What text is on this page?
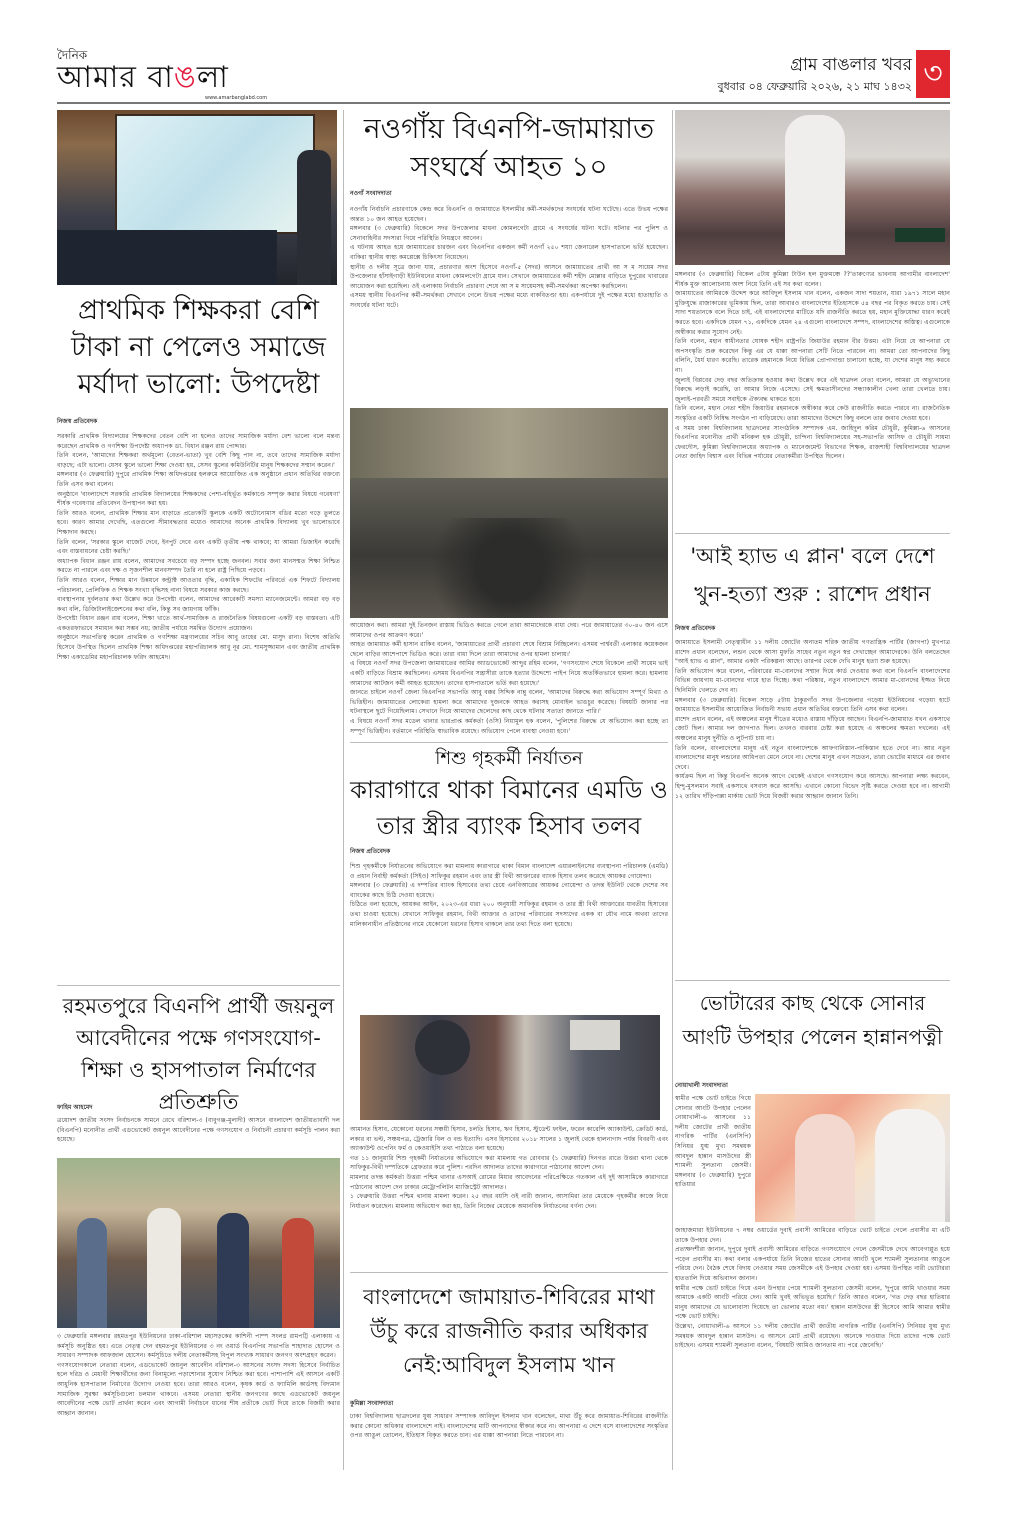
দৈনিক
আমার বাঙলা
www.amarbanglabd.com
গ্রাম বাঙলার খবর
বুধবার ০৪ ফেব্রুয়ারি ২০২৬, ২১ মাঘ ১৪৩২ ৩
প্রাথমিক শিক্ষকরা বেশি টাকা না পেলেও সমাজে মর্যাদা ভালো: উপদেষ্টা
নিজস্ব প্রতিবেদক

সরকারি প্রাথমিক বিদ্যালয়ের শিক্ষকদের বেতন বেশি না হলেও তাদের সামাজিক মর্যাদা বেশ ভালো বলে মন্তব্য করেছেন প্রাথমিক ও গণশিক্ষা উপদেষ্টা অধ্যাপক ডা. বিধান রঞ্জন রায় পোদ্দার।

তিনি বলেন, 'আমাদের শিক্ষকরা অর্থমূল্যে (বেতন-ভাতা) খুব বেশি কিছু পান না, তবে তাদের সামাজিক মর্যাদা বাড়ছে; এটা ভালো। যেসব স্কুলে ভালো শিক্ষা দেওয়া হয়, সেসব স্কুলের কমিউনিটির মানুষ শিক্ষকদের সম্মান করেন।'

মঙ্গলবার (৩ ফেব্রুয়ারি) দুপুরে প্রাথমিক শিক্ষা অধিদপ্তরের হলরুমে আয়োজিত এক অনুষ্ঠানে প্রধান অতিথির বক্তব্যে তিনি এসব কথা বলেন।

অনুষ্ঠানে 'বাংলাদেশে সরকারি প্রাথমিক বিদ্যালয়ের শিক্ষকদের পেশা-বহির্ভূত কর্মকাণ্ডে সম্পৃক্ত করার বিষয়ে গবেষণা' শীর্ষক গবেষণার প্রতিবেদন উপস্থাপন করা হয়।

তিনি আরও বলেন, প্রাথমিক শিক্ষার মান বাড়াতে প্রত্যেকটি স্কুলকে একটি অটোনোমাস বডির মতো গড়ে তুলতে হবে। কারণ আমার দেখেছি, এতগুলো সীমাবদ্ধতার মধ্যেও আমাদের অনেক প্রাথমিক বিদ্যালয় খুব ভালোভাবে শিক্ষাদান করছে।

তিনি বলেন, 'সরকার স্কুলে বাজেট দেবে, ইনপুট দেবে এবং একটি তৃতীয় পক্ষ থাকবে; যা আমরা ডিজাইন করেছি এবং বাস্তবায়নের চেষ্টা করছি।'

অধ্যাপক বিধান রঞ্জন রায় বলেন, আমাদের সবচেয়ে বড় সম্পদ হচ্ছে জনবল। সবার জন্য মানসম্মত শিক্ষা নিশ্চিত করতে না পারলে এবং দক্ষ ও সৃজনশীল মানবসম্পদ তৈরি না হলে রাষ্ট্র পিছিয়ে পড়বে।

তিনি আরও বলেন, শিক্ষার মান উন্নয়নে কন্ট্রাক্ট আওতার বৃদ্ধি, একাধিক শিফটের পরিবর্তে এক শিফটে বিদ্যালয় পরিচালনা, প্রেলিফিক ও শিক্ষক সংখ্যা বৃদ্ধিসহ নানা বিষয়ে সরকার কাজ করছে।

ব্যবস্থাপনার দুর্বলতার কথা উল্লেখ করে উপদেষ্টা বলেন, আমাদের আরেকটি সমস্যা ম্যানেজমেন্টে। আমরা বড় বড় কথা বলি, ডিজিটালাইজেশনের কথা বলি, কিন্তু সব জায়গায় ফাঁকি।

উপদেষ্টা বিধান রঞ্জন রায় বলেন, শিক্ষা খাতে আর্থ-সামাজিক ও রাজনৈতিক বিষয়গুলো একটি বড় বাস্তবতা। এটি একতরফাভাবে সমাধান করা সম্ভব নয়; জাতীয় পর্যায়ে সমন্বিত উদ্যোগ প্রয়োজন।

অনুষ্ঠানে সভাপতিত্ব করেন প্রাথমিক ও গণশিক্ষা মন্ত্রণালয়ের সচিব আবু তাহের মো. মাসুদ রানা। বিশেষ অতিথি হিসেবে উপস্থিত ছিলেন প্রাথমিক শিক্ষা অধিদপ্তরের মহাপরিচালক আবু নূর মো. শামসুজ্জামান এবং জাতীয় প্রাথমিক শিক্ষা একাডেমির মহাপরিচালক ফরিদ আহমেদ।

রহমতপুরে বিএনপি প্রার্থী জয়নুল আবেদীনের পক্ষে গণসংযোগ-শিক্ষা ও হাসপাতাল নির্মাণের প্রতিশ্রুতি
ফাহিম আহমেদ

ত্রয়োদশ জাতীয় সংসদ নির্বাচনকে সামনে রেখে বরিশাল-৩ (বাবুগঞ্জ-মুলাদী) আসনে বাংলাদেশ জাতীয়তাবাদী দল (বিএনপি) মনোনীত প্রার্থী এডভোকেট জয়নুল আবেদীনের পক্ষে গণসংযোগ ও নির্বাচনী প্রচারণা কর্মসূচি পালন করা হয়েছে।

৩ ফেব্রুয়ারি মঙ্গলবার রহমতপুর ইউনিয়নের ঢাকা-বরিশাল মহাসড়কের কাশিনী পাম্প সংলগ্ন রামপট্টি এলাকায় এ কর্মসূচি অনুষ্ঠিত হয়। এতে নেতৃত্ব দেন রহমতপুর ইউনিয়নের ৩ নং ওয়ার্ড বিএনপির সভাপতি শাহাদাত হোসেন ও সাধারণ সম্পাদক আফজাল হোসেন। কর্মসূচিতে দলীয় নেতাকর্মীসহ বিপুল সংখ্যক সাধারণ জনগণ অংশগ্রহণ করেন।

গণসংযোগকালে নেতারা বলেন, এডভোকেট জয়নুল আবেদীন বরিশাল-৩ আসনের সংসদ সদস্য হিসেবে নির্বাচিত হলে দরিদ্র ও মেধাবী শিক্ষার্থীদের জন্য বিনামূল্যে পড়াশোনার সুযোগ নিশ্চিত করা হবে। পাশাপাশি এই আসনে একটি আধুনিক হাসপাতাল নির্মাণের উদ্যোগ নেওয়া হবে। তারা আরও বলেন, কৃষক কার্ড ও ফ্যামিলি কার্ডসহ বিদ্যমান সামাজিক সুরক্ষা কর্মসূচিগুলো চলমান থাকবে। এসময় নেতারা স্থানীয় জনগণের কাছে এডভোকেট জয়নুল আবেদীনের পক্ষে ভোট প্রার্থনা করেন এবং আগামী নির্বাচনে ধানের শীষ প্রতীকে ভোট দিয়ে তাকে বিজয়ী করার আহ্বান জানান।

নওগাঁয় বিএনপি-জামায়াত সংঘর্ষে আহত ১০
নওগাঁ সংবাদদাতা

নওগাঁয় নির্বাচনি প্রচারণাকে কেন্দ্র করে বিএনপি ও জামায়াতে ইসলামীর কর্মী-সমর্থকদের সংঘর্ষের ঘটনা ঘটেছে। এতে উভয় পক্ষের অন্তত ১০ জন আহত হয়েছেন।

মঙ্গলবার (৩ ফেব্রুয়ারি) বিকেলে সদর উপজেলার মাধনা কোমলগেটা গ্রামে এ সংঘর্ষের ঘটনা ঘটে। ঘটনার পর পুলিশ ও সেনাবাহিনীর সদস্যরা গিয়ে পরিস্থিতি নিয়ন্ত্রণে আনেন।

এ ঘটনায় আহত হয়ে জামায়াতের চারজন এবং বিএনপির একজন কর্মী নওগাঁ ২৫০ শয্যা জেনারেল হাসপাতালে ভর্তি হয়েছেন। বাকিরা স্থানীয় স্বাস্থ্য কমপ্লেক্সে চিকিৎসা নিয়েছেন।

স্থানীয় ও দলীয় সূত্রে জানা যায়, প্রচারণার অংশ হিসেবে নওগাঁ-৫ (সদর) আসনে জামায়াতের প্রার্থী আ স ম সায়েম সদর উপজেলার হাঁসাইগাড়ী ইউনিয়নের মাধনা কোমলগেটা গ্রামে যান। সেখানে জামায়াতের কর্মী শহীদ মোল্লার বাড়িতে দুপুরের খাবারের আয়োজন করা হয়েছিল। ওই এলাকায় নির্বাচনি প্রচারণা শেষে আ স ম সায়েমসহ কর্মী-সমর্থকরা অপেক্ষা করছিলেন।

এসময় স্থানীয় বিএনপির কর্মী-সমর্থকরা সেখানে গেলে উভয় পক্ষের মধ্যে বাকবিতণ্ডা হয়। একপর্যায়ে দুই পক্ষের মধ্যে হাতাহাতি ও সংঘর্ষের ঘটনা ঘটে।

আয়োজন করা। আমরা দুই তিনজন রাস্তায় ভিডিও করতে গেলে তারা আমাদেরকে বাধা দেয়। পরে জামায়াতের ৩০-৪০ জন এসে আমাদের ওপর আক্রমণ করে।'

আহত জামায়াত কর্মী হাসান রাকিব বলেন, 'জামায়াতের প্রার্থী প্রচারণা শেষে বিশ্রাম নিচ্ছিলেন। এসময় পার্শ্ববর্তী এলাকার কয়েকজন ছেলে বাড়ির আশেপাশে ভিডিও করে। তারা বাধা দিলে তারা আমাদের ওপর হামলা চালায়।'

এ বিষয়ে নওগাঁ সদর উপজেলা জামায়াতের আমির অ্যাডভোকেট আব্দুর রহিম বলেন, 'গণসংযোগ শেষে বিকেলে প্রার্থী সায়েম ভাই একটি বাড়িতে বিশ্রাম করছিলেন। এসময় বিএনপির সন্ত্রাসীরা তাকে হত্যার উদ্দেশ্যে পাইপ নিয়ে অতর্কিতভাবে হামলা করে। হামলায় আমাদের আটজন কর্মী আহত হয়েছেন। তাদের হাসপাতালে ভর্তি করা হয়েছে।'

জানতে চাইলে নওগাঁ জেলা বিএনপির সভাপতি আবু বক্কর সিদ্দিক নান্নু বলেন, 'আমাদের বিরুদ্ধে করা অভিযোগ সম্পূর্ণ মিথ্যা ও ভিত্তিহীন। জামায়াতের লোকেরা হামলা করে আমাদের দুজনকে আহত করাসহ মোবাইল ভাঙচুর করেছে। বিষয়টি জানার পর ঘটনাস্থলে ছুটে গিয়েছিলাম। সেখানে গিয়ে আমাদের ছেলেদের কাছ থেকে ঘটনার সত্যতা জানতে পারি।'

এ বিষয়ে নওগাঁ সদর মডেল থানার ভারপ্রাপ্ত কর্মকর্তা (ওসি) নিয়ামুল হক বলেন, 'পুলিশের বিরুদ্ধে যে অভিযোগ করা হচ্ছে তা সম্পূর্ণ ভিত্তিহীন। বর্তমানে পরিস্থিতি স্বাভাবিক রয়েছে। অভিযোগ পেলে ব্যবস্থা নেওয়া হবে।'

শিশু গৃহকর্মী নির্যাতন
কারাগারে থাকা বিমানের এমডি ও তার স্ত্রীর ব্যাংক হিসাব তলব
নিজস্ব প্রতিবেদক

শিশু গৃহকর্মীকে নির্যাতনের অভিযোগে করা মামলায় কারাগারে থাকা বিমান বাংলাদেশ এয়ারলাইনসের ব্যবস্থাপনা পরিচালক (এমডি) ও প্রধান নির্বাহী কর্মকর্তা (সিইও) সাফিকুর রহমান এবং তার স্ত্রী বিথী আক্তারের ব্যাংক হিসাব তলব করেছে আয়কর গোয়েন্দা।

মঙ্গলবার (৩ ফেব্রুয়ারি) এ দম্পতির ব্যাংক হিসাবের তথ্য চেয়ে এনবিআরের আয়কর গোয়েন্দা ও তদন্ত ইউনিট থেকে দেশের সব ব্যাংকের কাছে চিঠি দেওয়া হয়েছে।

চিঠিতে বলা হয়েছে, আয়কর আইন, ২০২৩-এর ধারা ২০০ অনুযায়ী সাফিকুর রহমান ও তার স্ত্রী বিথী আক্তারের যাবতীয় হিসাবের তথ্য চাওয়া হয়েছে। যেখানে সাফিকুর রহমান, বিথী আক্তার ও তাদের পরিবারের সদস্যদের একক বা যৌথ নামে অথবা তাদের মালিকানাধীন প্রতিষ্ঠানের নামে যেকোনো ধরনের হিসাব থাকলে তার তথ্য দিতে বলা হয়েছে।

আমানত হিসাব, যেকোনো ধরনের সঞ্চয়ী হিসাব, চলতি হিসাব, ঋণ হিসাব, স্টুডেন্ট ফাইল, ফরেন কারেন্সি অ্যাকাউন্ট, ক্রেডিট কার্ড, লকার বা ভল্ট, সঞ্চয়পত্র, ট্রেজারি বিল ও বন্ড ইত্যাদি। এসব হিসাবের ২০১৮ সালের ১ জুলাই থেকে হালনাগাদ পর্যন্ত বিবরণী এবং অ্যাকাউন্ট ওপেনিং ফর্ম ও কেওয়াইসি তথ্য পাঠাতে বলা হয়েছে।

গত ১১ জানুয়ারি শিশু গৃহকর্মী নির্যাতনের অভিযোগে করা মামলায় গত রোববার (১ ফেব্রুয়ারি) দিনগত রাতে উত্তরা থানা থেকে সাফিকুর-বিথী দম্পতিকে গ্রেফতার করে পুলিশ। পরদিন আদালত তাদের কারাগারে পাঠানোর আদেশ দেন।

মামলার তদন্ত কর্মকর্তা উত্তরা পশ্চিম থানার এসআই রোমের মিয়ার আবেদনের পরিপ্রেক্ষিতে গতকাল এই দুই আসামিকে কারাগারে পাঠানোর আদেশ দেন ঢাকার মেট্রোপলিটন ম্যাজিস্ট্রেট আদালত।

১ ফেব্রুয়ারি উত্তরা পশ্চিম থানায় মামলা করেন। ২৫ বছর বয়সি ওই নারী জানান, আসামিরা তার মেয়েকে গৃহকর্মীর কাজে নিয়ে নির্যাতন করেছেন। মামলায় অভিযোগ করা হয়, তিনি নিজের মেয়েকে অমানবিক নির্যাতনের বর্ণনা দেন।

বাংলাদেশে জামায়াত-শিবিরের মাথা উঁচু করে রাজনীতি করার অধিকার নেই:আবিদুল ইসলাম খান
কুমিল্লা সংবাদদাতা

ঢাকা বিশ্ববিদ্যালয় ছাত্রদলের যুগ্ম সাধারণ সম্পাদক আবিদুল ইসলাম খান বলেছেন, মাথা উঁচু করে জামায়াত-শিবিরের রাজনীতি করার কোনো অধিকার বাংলাদেশে নাই। বাংলাদেশের মাটি আপনাদের স্বীকার করে না। আপনারা এ দেশে বসে বাংলাদেশের সংস্কৃতির ওপর আঙুল তোলেন, ইতিহাস বিকৃত করতে চান। এর ধাক্কা আপনারা নিতে পারবেন না।

মঙ্গলবার (৩ ফেব্রুয়ারি) বিকেল ৫টায় কুমিল্লা টাউন হল মুক্তমঞ্চে ??'তারুণ্যের ভাবনায় আগামীর বাংলাদেশ' শীর্ষক মুক্ত আলোচনায় অংশ নিয়ে তিনি এই সব কথা বলেন।

জামায়াতের আমিরকে উদ্দেশ করে আবিদুল ইসলাম খান বলেন, একজন সাদা শয়তান, যারা ১৯৭১ সালে মহান মুক্তিযুদ্ধে রাজাকারের ভূমিকায় ছিল, তারা আবারও বাংলাদেশের ইতিহাসকে ৫৪ বছর পর বিকৃত করতে চায়। সেই সাদা শয়তানকে বলে দিতে চাই, এই বাংলাদেশের মাটিতে যদি রাজনীতি করতে হয়, মহান মুক্তিযোদ্ধা ধারণ করেই করতে হবে। একদিকে যেমন ৭১, একদিকে যেমন ২৪ এগুলো বাংলাদেশে সম্পদ, বাংলাদেশের অস্তিত্ব। এগুলোকে অস্বীকার করার সুযোগ নেই।

তিনি বলেন, মহান স্বাধীনতার ঘোষক শহীদ রাষ্ট্রপতি জিয়াউর রহমান বীর উত্তম। এটা নিয়ে যে আপনারা যে অপসংস্কৃতি শুরু করেছেন কিন্তু এর যে ধাক্কা আপনারা সেটি নিতে পারবেন না। আমরা তো আপনাদের কিছু বলিনি, ধৈর্য ধারণ করেছি। তারেক রহমানকে নিয়ে বিভিন্ন প্রোপাগান্ডা চালানো হচ্ছে, যা দেশের মানুষ সহ্য করবে না।

জুলাই বিপ্লবের দেড় বছর অতিক্রান্ত হওয়ার কথা উল্লেখ করে এই ছাত্রদল নেতা বলেন, আমরা যে অভ্যুত্থানের বিরুদ্ধে লড়াই করেছি, তা আমার নিজে এসেছে। সেই ক্ষমতাসীনদের সন্ধ্যাকালীন খেলা তারা খেলতে চায়। জুলাই-পরবর্তী সময়ে সবাইকে ঐক্যবদ্ধ থাকতে হবে।

তিনি বলেন, মহান নেতা শহীদ জিয়াউর রহমানকে অস্বীকার করে কেউ রাজনীতি করতে পারবে না। রাজনৈতিক সংস্কৃতির একটি নিষিদ্ধ সংগঠন পা বাড়িয়েছে। তারা আমাদের উদ্দেশে কিছু বললে তার জবাব দেওয়া হবে।

এ সময় ঢাকা বিশ্ববিদ্যালয় ছাত্রদলের সাংগঠনিক সম্পাদক এম. জাহিদুল করিম চৌধুরী, কুমিল্লা-৬ আসনের বিএনপির মনোনীত প্রার্থী মনিরুল হক চৌধুরী, চান্দিনা বিশ্ববিদ্যালয়ের সহ-সভাপতি আসিফ ও চৌধুরী সায়মা ফেরদৌস, কুমিল্লা বিশ্ববিদ্যালয়ের অধ্যাপক ও ম্যানেজমেন্ট বিভাগের শিক্ষক, রাজশাহী বিশ্ববিদ্যালয়ের ছাত্রদল নেতা জাহিদ বিশ্বাস এবং বিভিন্ন পর্যায়ের নেতাকর্মীরা উপস্থিত ছিলেন।

'আই হ্যাভ এ প্লান' বলে দেশে খুন-হত্যা শুরু : রাশেদ প্রধান
নিজস্ব প্রতিবেদক

জামায়াতে ইসলামী নেতৃত্বাধীন ১১ দলীয় জোটের অন্যতম শরিক জাতীয় গণতান্ত্রিক পার্টির (জাগপা) মুখপাত্র রাশেদ প্রধান বলেছেন, লন্ডন থেকে আসা মুফতি সাহেব নতুন নতুন স্বপ্ন দেখাচ্ছেন আমাদেরকে। উনি বলতেছেন "আই হ্যাভ এ প্লান", আমার একটা পরিকল্পনা আছে। তারপর থেকে দেখি মানুষ হত্যা শুরু হয়েছে।

তিনি অভিযোগ করে বলেন, পরিবারের মা-বোনদের সম্মান দিয়ে কার্ড দেওয়ার কথা বলে বিএনপি বাংলাদেশের বিভিন্ন জায়গায় মা-বোনদের গায়ে হাত দিচ্ছে। কথা পরিষ্কার, নতুন বাংলাদেশে আমার মা-বোনদের ইজ্জত নিয়ে ছিনিমিনি খেলতে দেব না।

মঙ্গলবার (৩ ফেব্রুয়ারি) বিকেল সাড়ে ৫টায় ঠাকুরগাঁও সদর উপজেলার গড়েয়া ইউনিয়নের গড়েয়া হাটে জামায়াতে ইসলামীর আয়োজিত নির্বাচনী সভায় প্রধান অতিথির বক্তব্যে তিনি এসব কথা বলেন।

রাশেদ প্রধান বলেন, এই অঞ্চলের মানুষ শীতের মধ্যেও রাস্তায় দাঁড়িয়ে আছেন। বিএনপি-জামায়াত যখন একসাথে জোট ছিল। আমার দল জাগপাও ছিল। তখনও বারবার চেষ্টা করা হয়েছে এ অঞ্চলের ক্ষমতা দখলের। এই অঞ্চলের মানুষ দুর্নীতি ও লুটপাট চায় না।

তিনি বলেন, বাংলাদেশের মানুষ এই নতুন বাংলাদেশকে আফগানিস্তান-পাকিস্তান হতে দেবে না। আর নতুন বাংলাদেশের মানুষ লন্ডনের আধিপত্য মেনে নেবে না। দেশের মানুষ এখন সচেতন, তারা ভোটের মাধ্যমে এর জবাব দেবে।

কার্যক্রম ছিল না কিন্তু বিএনপি অনেক আগে থেকেই এখানে গণসংযোগ করে আসছে। আপনারা লক্ষ্য করবেন, হিন্দু-মুসলমান সবাই একসাথে বসবাস করে আসছি। এখানে কোনো বিভেদ সৃষ্টি করতে দেওয়া হবে না। আগামী ১২ তারিখ দাঁড়িপাল্লা মার্কায় ভোট দিয়ে বিজয়ী করার আহ্বান জানান তিনি।

ভোটারের কাছ থেকে সোনার আংটি উপহার পেলেন হান্নানপত্নী
নোয়াখালী সংবাদদাতা

স্বামীর পক্ষে ভোট চাইতে গিয়ে সোনার আংটি উপহার পেলেন নোয়াখালী-৬ আসনের ১১ দলীয় জোটের প্রার্থী জাতীয় নাগরিক পার্টির (এনসিপি) সিনিয়র যুগ্ম মুখ্য সমন্বয়ক আবদুল হান্নান মাসউদের স্ত্রী শ্যামলী সুলতানা জেসমী। মঙ্গলবার (৩ ফেব্রুয়ারি) দুপুরে হাতিয়ার

জাহাজমারা ইউনিয়নের ৭ নম্বর ওয়ার্ডের দুবাই প্রবাসী আমিরের বাড়িতে ভোট চাইতে গেলে প্রবাসীর মা এটি তাকে উপহার দেন।

প্রত্যক্ষদর্শীরা জানান, দুপুরে দুবাই প্রবাসী আমিরের বাড়িতে গণসংযোগে গেলে জেসমীকে দেখে আবেগাপ্লুত হয়ে পড়েন প্রবাসীর মা। কথা বলার একপর্যায়ে তিনি নিজের হাতের সোনার আংটি খুলে শ্যামলী সুলতানার আঙুলে পরিয়ে দেন। বৈঠক শেষে বিদায় নেওয়ার সময় জেসমীকে এই উপহার দেওয়া হয়। এসময় উপস্থিত নারী ভোটাররা হাততালি দিয়ে অভিবাদন জানান।

স্বামীর পক্ষে ভোট চাইতে গিয়ে এমন উপহার পেয়ে শ্যামলী সুলতানা জেসমী বলেন, 'দুপুরে আমি খাওয়ার সময় আমাকে একটি আংটি পরিয়ে দেন। আমি খুবই অভিভূত হয়েছি।' তিনি আরও বলেন, 'গত দেড় বছর হাতিয়ার মানুষ আমাদের যে ভালোবাসা দিয়েছে তা ভোলার মতো নয়।' হান্নান মাসউদের স্ত্রী হিসেবে আমি আমার স্বামীর পক্ষে ভোট চাইছি।

উল্লেখ্য, নোয়াখালী-৬ আসনে ১১ দলীয় জোটের প্রার্থী জাতীয় নাগরিক পার্টির (এনসিপি) সিনিয়র যুগ্ম মুখ্য সমন্বয়ক আবদুল হান্নান মাসউদ। এ আসনে মোট প্রার্থী রয়েছেন। অনেকে দাওয়াত দিয়ে তাদের পক্ষে ভোট চাইছেন। এসময় শ্যামলী সুলতানা বলেন, 'বিষয়টি আমিও জানতাম না। পরে জেনেছি।'
